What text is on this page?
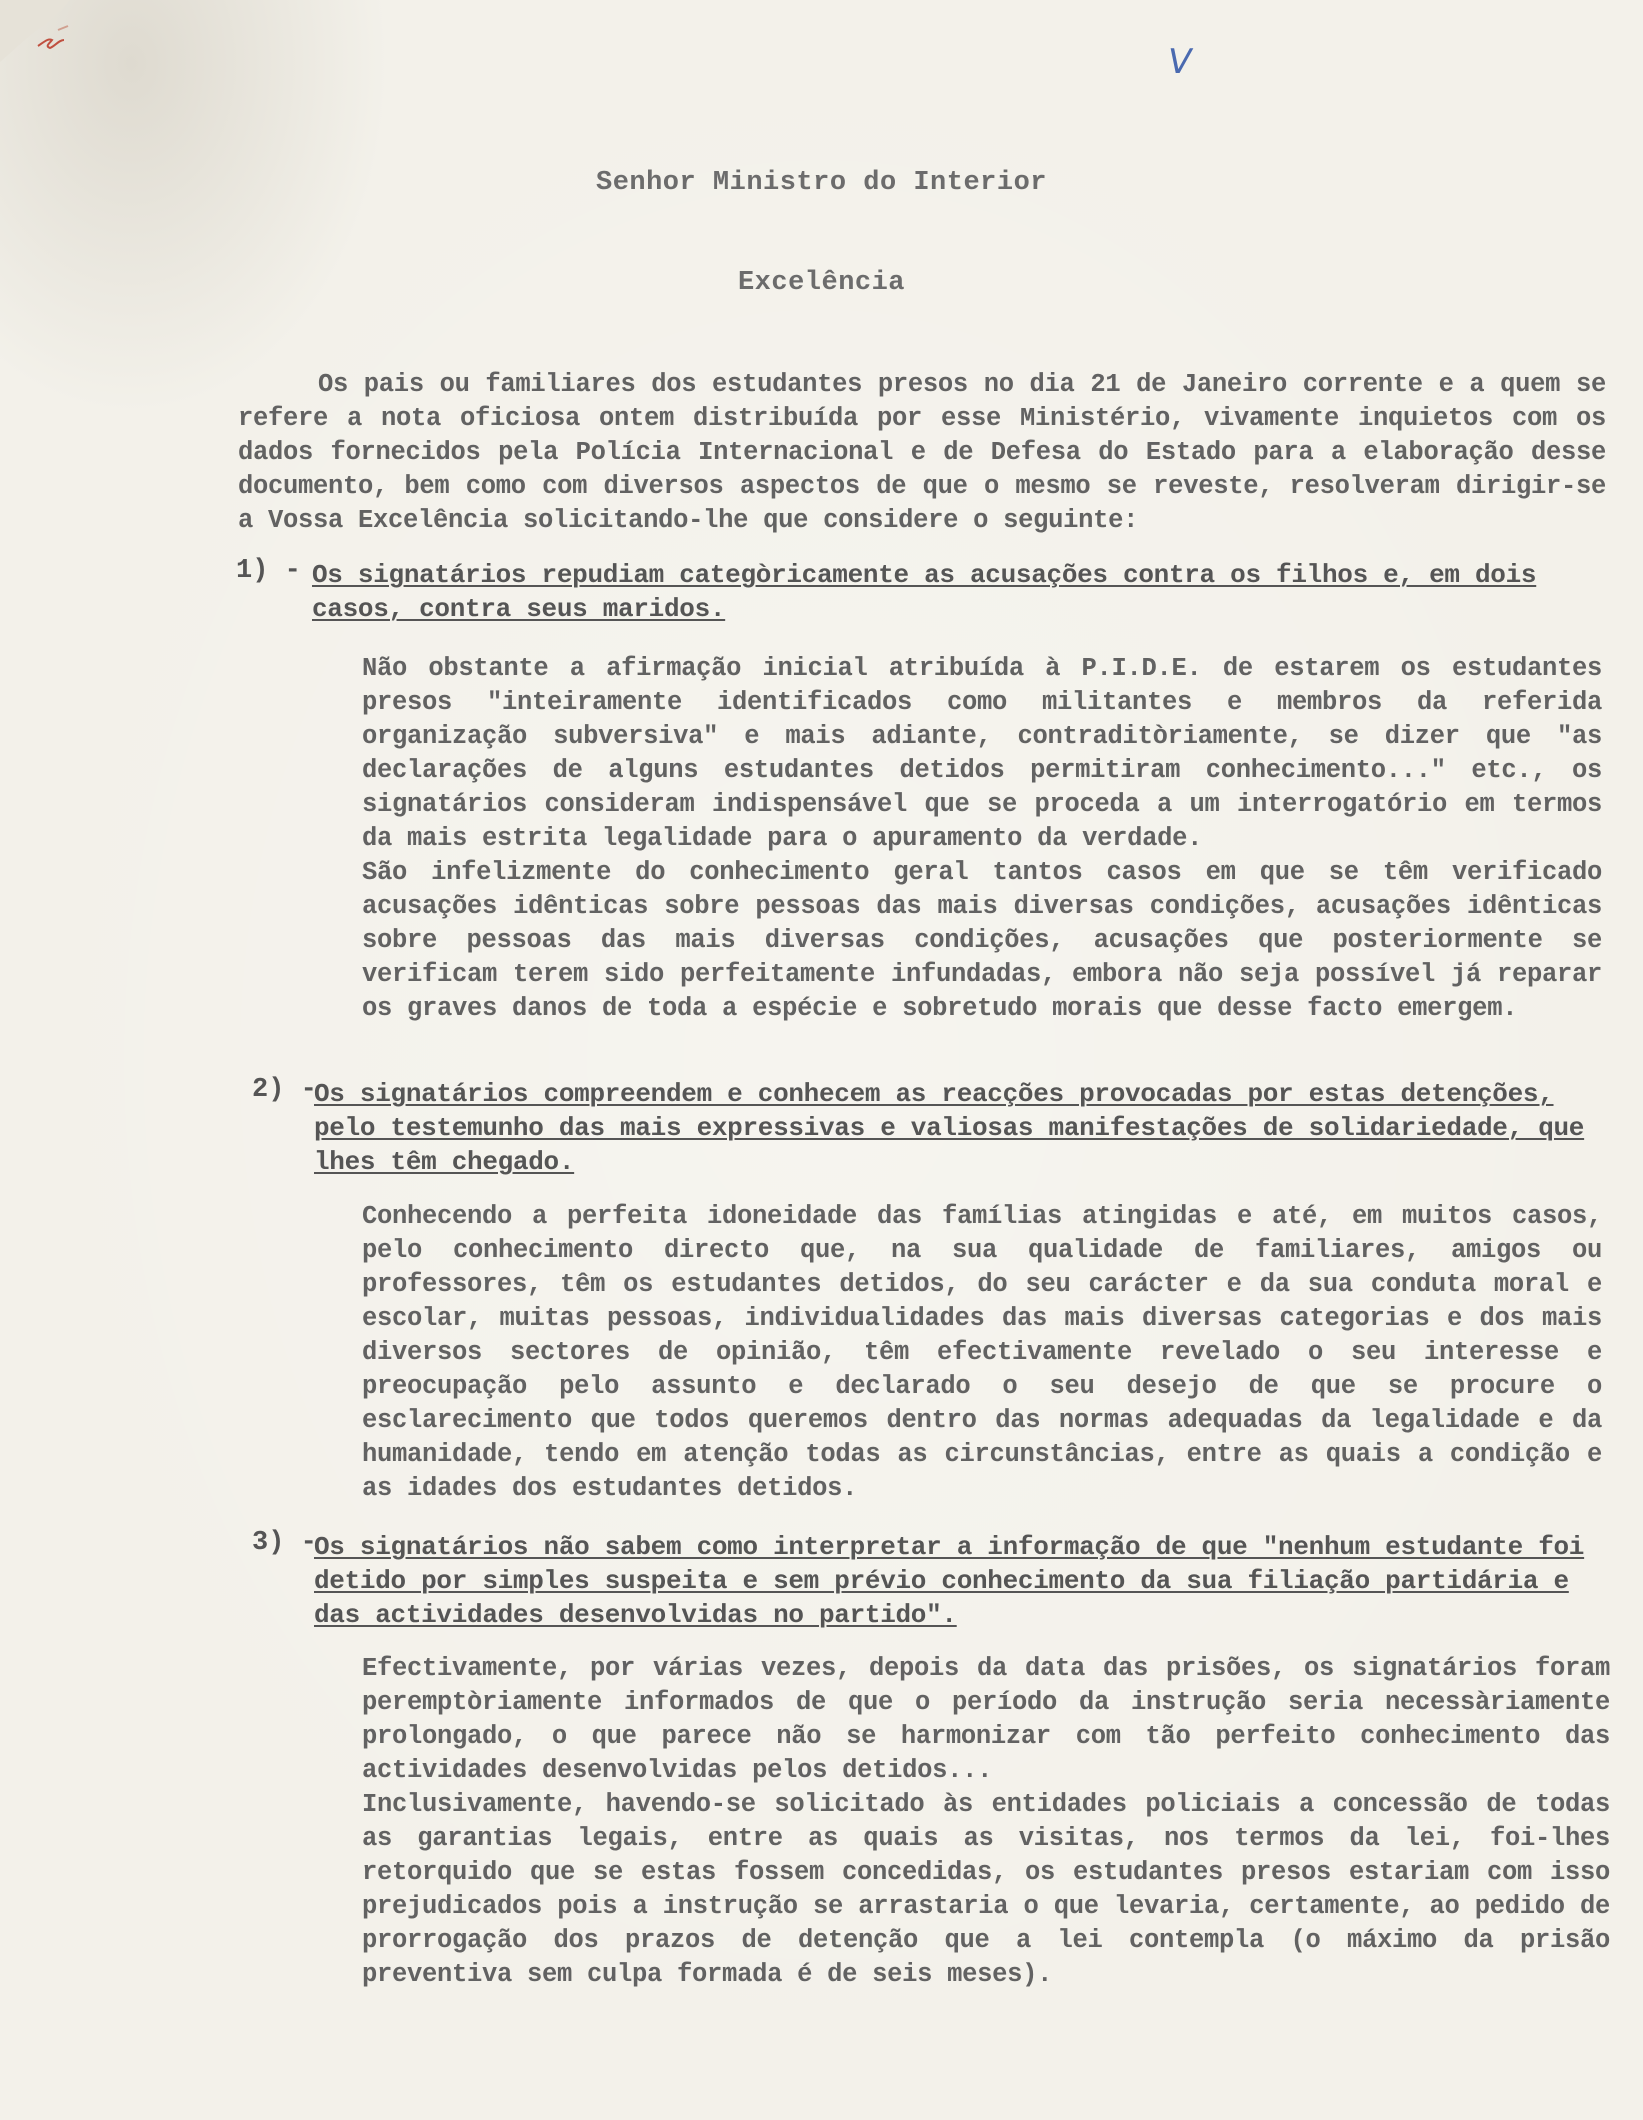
V
Senhor Ministro do Interior
Excelência
Os pais ou familiares dos estudantes presos no dia 21 de Janeiro corrente e a quem se refere a nota oficiosa ontem distribuída por esse Ministério, vivamente inquietos com os dados fornecidos pela Polícia Internacional e de Defesa do Estado para a elaboração desse documento, bem como com diversos aspectos de que o mesmo se reveste, resolveram dirigir-se a Vossa Excelência solicitando-lhe que considere o seguinte:
1) - Os signatários repudiam categòricamente as acusações contra os filhos e, em dois casos, contra seus maridos.

Não obstante a afirmação inicial atribuída à P.I.D.E. de estarem os estudantes presos "inteiramente identificados como militantes e membros da referida organização subversiva" e mais adiante, contraditòriamente, se dizer que "as declarações de alguns estudantes detidos permitiram conhecimento..." etc., os signatários consideram indispensável que se proceda a um interrogatório em termos da mais estrita legalidade para o apuramento da verdade.

São infelizmente do conhecimento geral tantos casos em que se têm verificado acusações idênticas sobre pessoas das mais diversas condições, acusações idênticas sobre pessoas das mais diversas condições, acusações que posteriormente se verificam terem sido perfeitamente infundadas, embora não seja possível já reparar os graves danos de toda a espécie e sobretudo morais que desse facto emergem.

2) -
Os signatários compreendem e conhecem as reacções provocadas por estas detenções, pelo testemunho das mais expressivas e valiosas manifestações de solidariedade, que lhes têm chegado.

Conhecendo a perfeita idoneidade das famílias atingidas e até, em muitos casos, pelo conhecimento directo que, na sua qualidade de familiares, amigos ou professores, têm os estudantes detidos, do seu carácter e da sua conduta moral e escolar, muitas pessoas, individualidades das mais diversas categorias e dos mais diversos sectores de opinião, têm efectivamente revelado o seu interesse e preocupação pelo assunto e declarado o seu desejo de que se procure o esclarecimento que todos queremos dentro das normas adequadas da legalidade e da humanidade, tendo em atenção todas as circunstâncias, entre as quais a condição e as idades dos estudantes detidos.

3) -
Os signatários não sabem como interpretar a informação de que "nenhum estudante foi detido por simples suspeita e sem prévio conhecimento da sua filiação partidária e das actividades desenvolvidas no partido".

Efectivamente, por várias vezes, depois da data das prisões, os signatários foram peremptòriamente informados de que o período da instrução seria necessàriamente prolongado, o que parece não se harmonizar com tão perfeito conhecimento das actividades desenvolvidas pelos detidos...

Inclusivamente, havendo-se solicitado às entidades policiais a concessão de todas as garantias legais, entre as quais as visitas, nos termos da lei, foi-lhes retorquido que se estas fossem concedidas, os estudantes presos estariam com isso prejudicados pois a instrução se arrastaria o que levaria, certamente, ao pedido de prorrogação dos prazos de detenção que a lei contempla (o máximo da prisão preventiva sem culpa formada é de seis meses).
